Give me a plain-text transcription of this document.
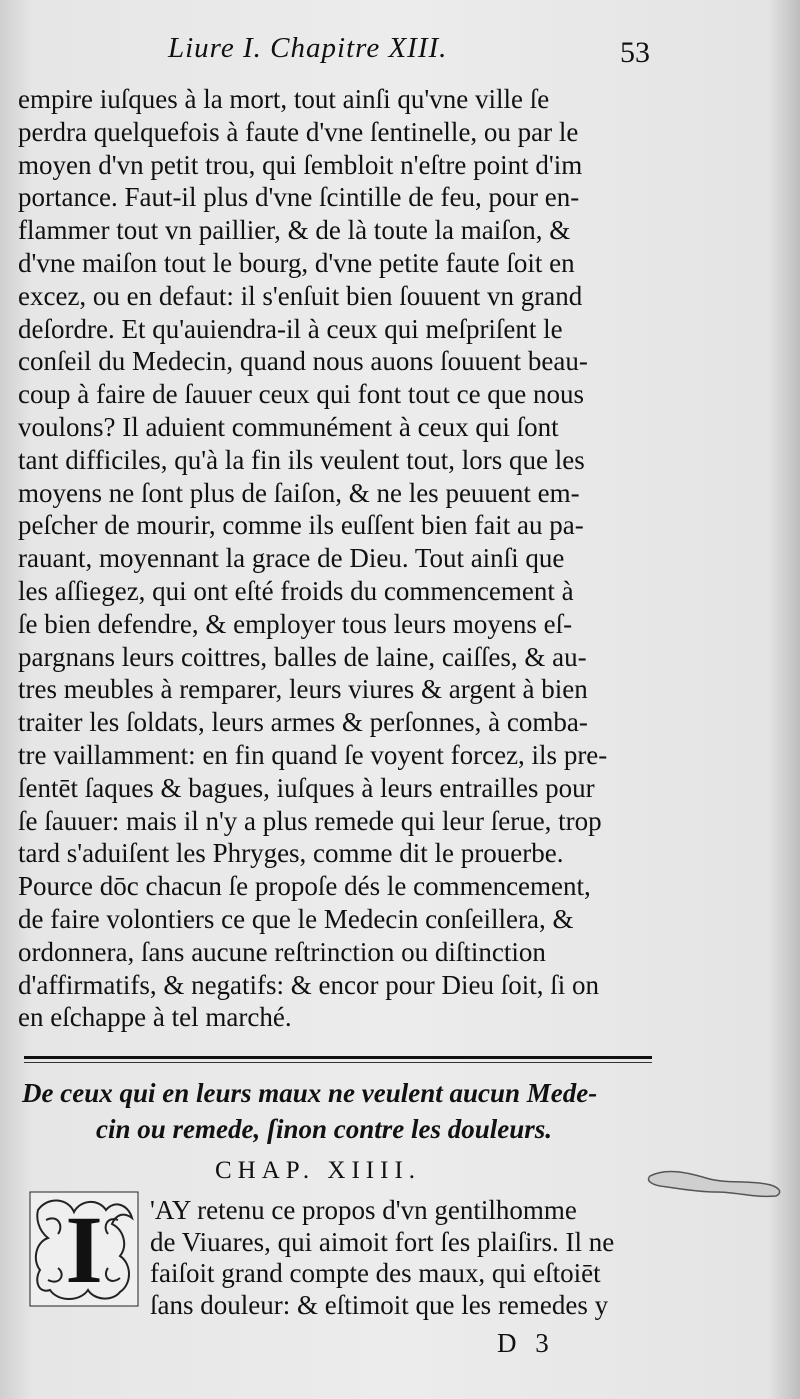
Liure I. Chapitre XIII.	53
empire iuſques à la mort, tout ainſi qu'vne ville ſe
perdra quelquefois à faute d'vne ſentinelle, ou par le
moyen d'vn petit trou, qui ſembloit n'eſtre point d'im
portance. Faut-il plus d'vne ſcintille de feu, pour en-
flammer tout vn paillier, & de là toute la maiſon, &
d'vne maiſon tout le bourg, d'vne petite faute ſoit en
excez, ou en defaut: il s'enſuit bien ſouuent vn grand
deſordre. Et qu'auiendra-il à ceux qui meſpriſent le
conſeil du Medecin, quand nous auons ſouuent beau-
coup à faire de ſauuer ceux qui font tout ce que nous
voulons? Il aduient communément à ceux qui ſont
tant difficiles, qu'à la fin ils veulent tout, lors que les
moyens ne ſont plus de ſaiſon, & ne les peuuent em-
peſcher de mourir, comme ils euſſent bien fait au pa-
rauant, moyennant la grace de Dieu. Tout ainſi que
les aſſiegez, qui ont eſté froids du commencement à
ſe bien defendre, & employer tous leurs moyens eſ-
pargnans leurs coittres, balles de laine, caiſſes, & au-
tres meubles à remparer, leurs viures & argent à bien
traiter les ſoldats, leurs armes & perſonnes, à comba-
tre vaillamment: en fin quand ſe voyent forcez, ils pre-
ſentēt ſaques & bagues, iuſques à leurs entrailles pour
ſe ſauuer: mais il n'y a plus remede qui leur ſerue, trop
tard s'aduiſent les Phryges, comme dit le prouerbe.
Pource dōc chacun ſe propoſe dés le commencement,
de faire volontiers ce que le Medecin conſeillera, &
ordonnera, ſans aucune reſtrinction ou diſtinction
d'affirmatifs, & negatifs: & encor pour Dieu ſoit, ſi on
en eſchappe à tel marché.
De ceux qui en leurs maux ne veulent aucun Mede-
cin ou remede, ſinon contre les douleurs.
CHAP. XIIII.
I 'AY retenu ce propos d'vn gentilhomme
de Viuares, qui aimoit fort ſes plaiſirs. Il ne
faiſoit grand compte des maux, qui eſtoiēt
ſans douleur: & eſtimoit que les remedes y
D 3
